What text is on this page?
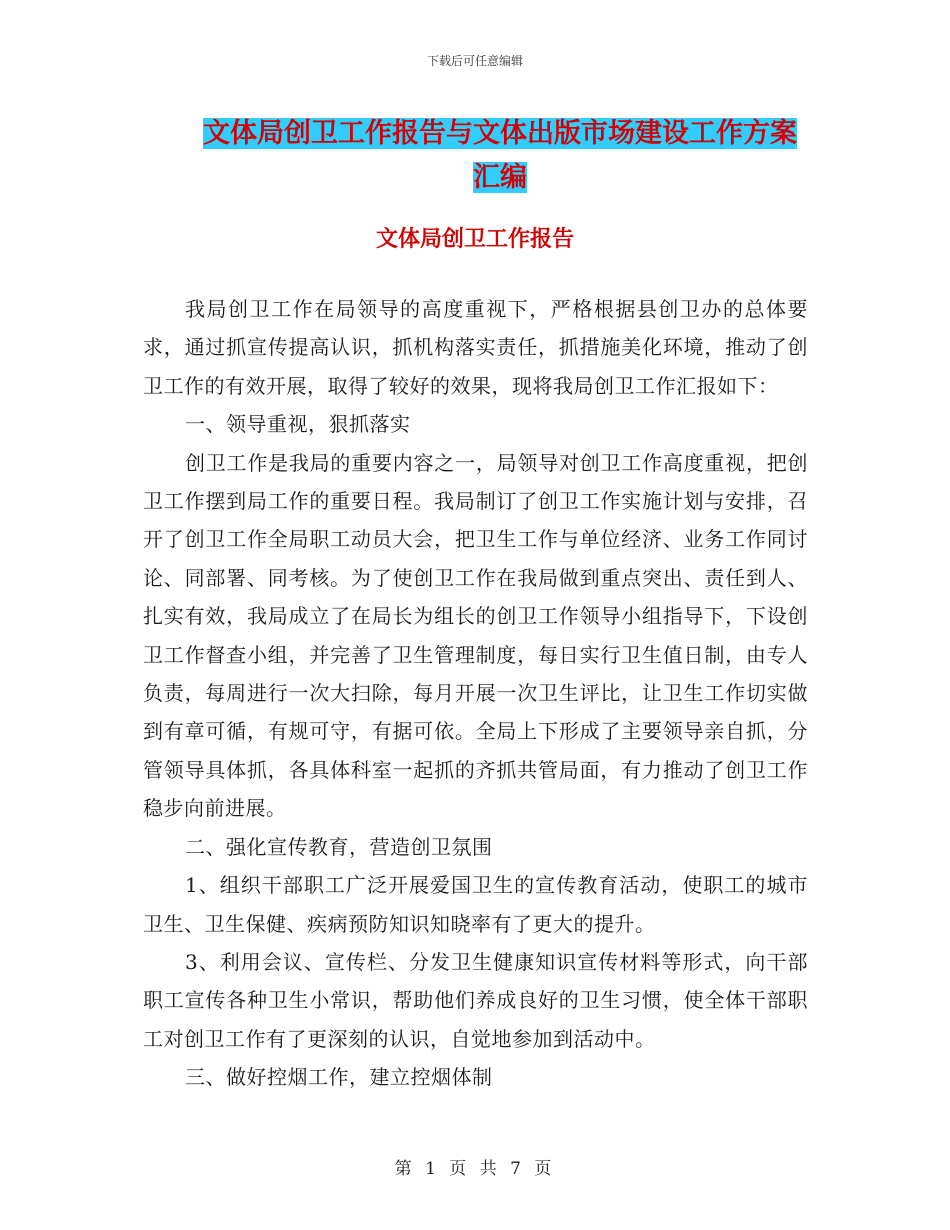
下载后可任意编辑
文体局创卫工作报告与文体出版市场建设工作方案汇编
文体局创卫工作报告

我局创卫工作在局领导的高度重视下，严格根据县创卫办的总体要求，通过抓宣传提高认识，抓机构落实责任，抓措施美化环境，推动了创卫工作的有效开展，取得了较好的效果，现将我局创卫工作汇报如下：

一、领导重视，狠抓落实

创卫工作是我局的重要内容之一，局领导对创卫工作高度重视，把创卫工作摆到局工作的重要日程。我局制订了创卫工作实施计划与安排，召开了创卫工作全局职工动员大会，把卫生工作与单位经济、业务工作同讨论、同部署、同考核。为了使创卫工作在我局做到重点突出、责任到人、扎实有效，我局成立了在局长为组长的创卫工作领导小组指导下，下设创卫工作督查小组，并完善了卫生管理制度，每日实行卫生值日制，由专人负责，每周进行一次大扫除，每月开展一次卫生评比，让卫生工作切实做到有章可循，有规可守，有据可依。全局上下形成了主要领导亲自抓，分管领导具体抓，各具体科室一起抓的齐抓共管局面，有力推动了创卫工作稳步向前进展。

二、强化宣传教育，营造创卫氛围

1、组织干部职工广泛开展爱国卫生的宣传教育活动，使职工的城市卫生、卫生保健、疾病预防知识知晓率有了更大的提升。

3、利用会议、宣传栏、分发卫生健康知识宣传材料等形式，向干部职工宣传各种卫生小常识，帮助他们养成良好的卫生习惯，使全体干部职工对创卫工作有了更深刻的认识，自觉地参加到活动中。

三、做好控烟工作，建立控烟体制

第 1 页 共 7 页
